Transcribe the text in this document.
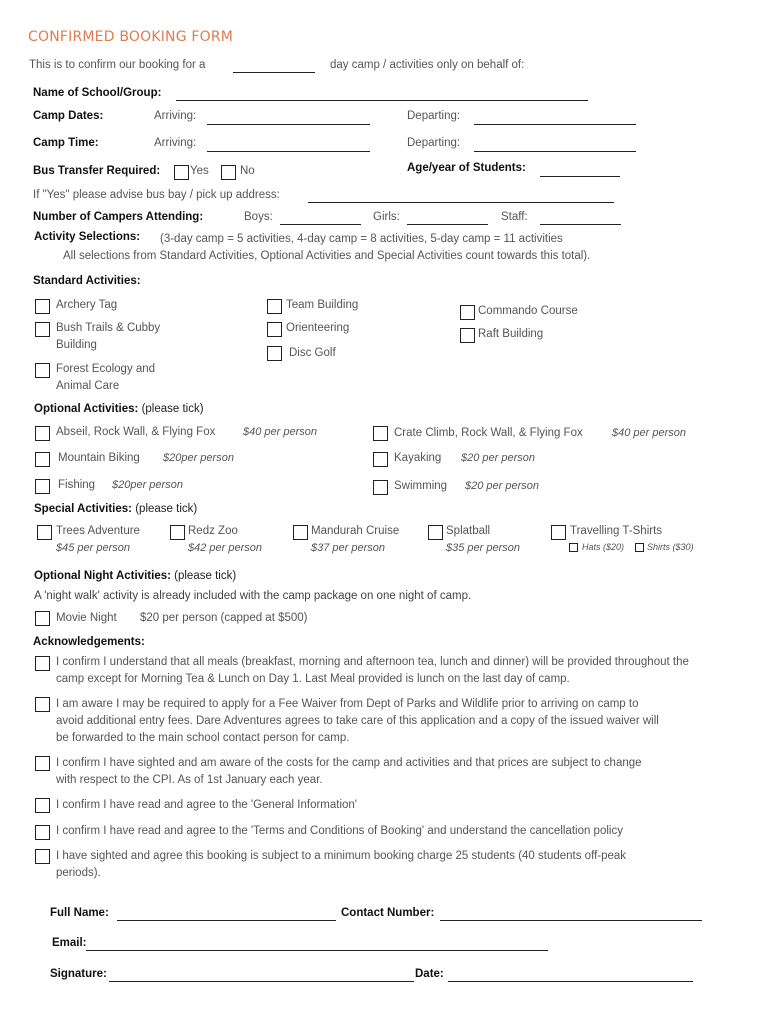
CONFIRMED BOOKING FORM
This is to confirm our booking for a	day camp / activities only on behalf of:
Name of School/Group:
Camp Dates:	Arriving:	Departing:
Camp Time:	Arriving:	Departing:
Bus Transfer Required:	Yes	No	Age/year of Students:
If "Yes" please advise bus bay / pick up address:
Number of Campers Attending:	Boys:	Girls:	Staff:
Activity Selections: (3-day camp = 5 activities, 4-day camp = 8 activities, 5-day camp = 11 activities
All selections from Standard Activities, Optional Activities and Special Activities count towards this total).
Standard Activities:
Archery Tag
Bush Trails & Cubby
Building
Forest Ecology and
Animal Care
Team Building
Orienteering
Disc Golf
Commando Course
Raft Building
Optional Activities: (please tick)
Abseil, Rock Wall, & Flying Fox	$40 per person
Mountain Biking $20per person
Fishing $20per person
Crate Climb, Rock Wall, & Flying Fox	$40 per person
Kayaking $20 per person
Swimming $20 per person
Special Activities: (please tick)
Trees Adventure
$45 per person
Redz Zoo
$42 per person
Mandurah Cruise
$37 per person
Splatball
$35 per person
Travelling T-Shirts
Hats ($20)	Shirts ($30)
Optional Night Activities: (please tick)
A 'night walk' activity is already included with the camp package on one night of camp.
Movie Night $20 per person (capped at $500)
Acknowledgements:
I confirm I understand that all meals (breakfast, morning and afternoon tea, lunch and dinner) will be provided throughout the
camp except for Morning Tea & Lunch on Day 1. Last Meal provided is lunch on the last day of camp.
I am aware I may be required to apply for a Fee Waiver from Dept of Parks and Wildlife prior to arriving on camp to
avoid additional entry fees. Dare Adventures agrees to take care of this application and a copy of the issued waiver will
be forwarded to the main school contact person for camp.
I confirm I have sighted and am aware of the costs for the camp and activities and that prices are subject to change
with respect to the CPI. As of 1st January each year.
I confirm I have read and agree to the 'General Information'
I confirm I have read and agree to the 'Terms and Conditions of Booking' and understand the cancellation policy
I have sighted and agree this booking is subject to a minimum booking charge 25 students (40 students off-peak
periods).
Full Name:	Contact Number:
Email:
Signature:	Date:
